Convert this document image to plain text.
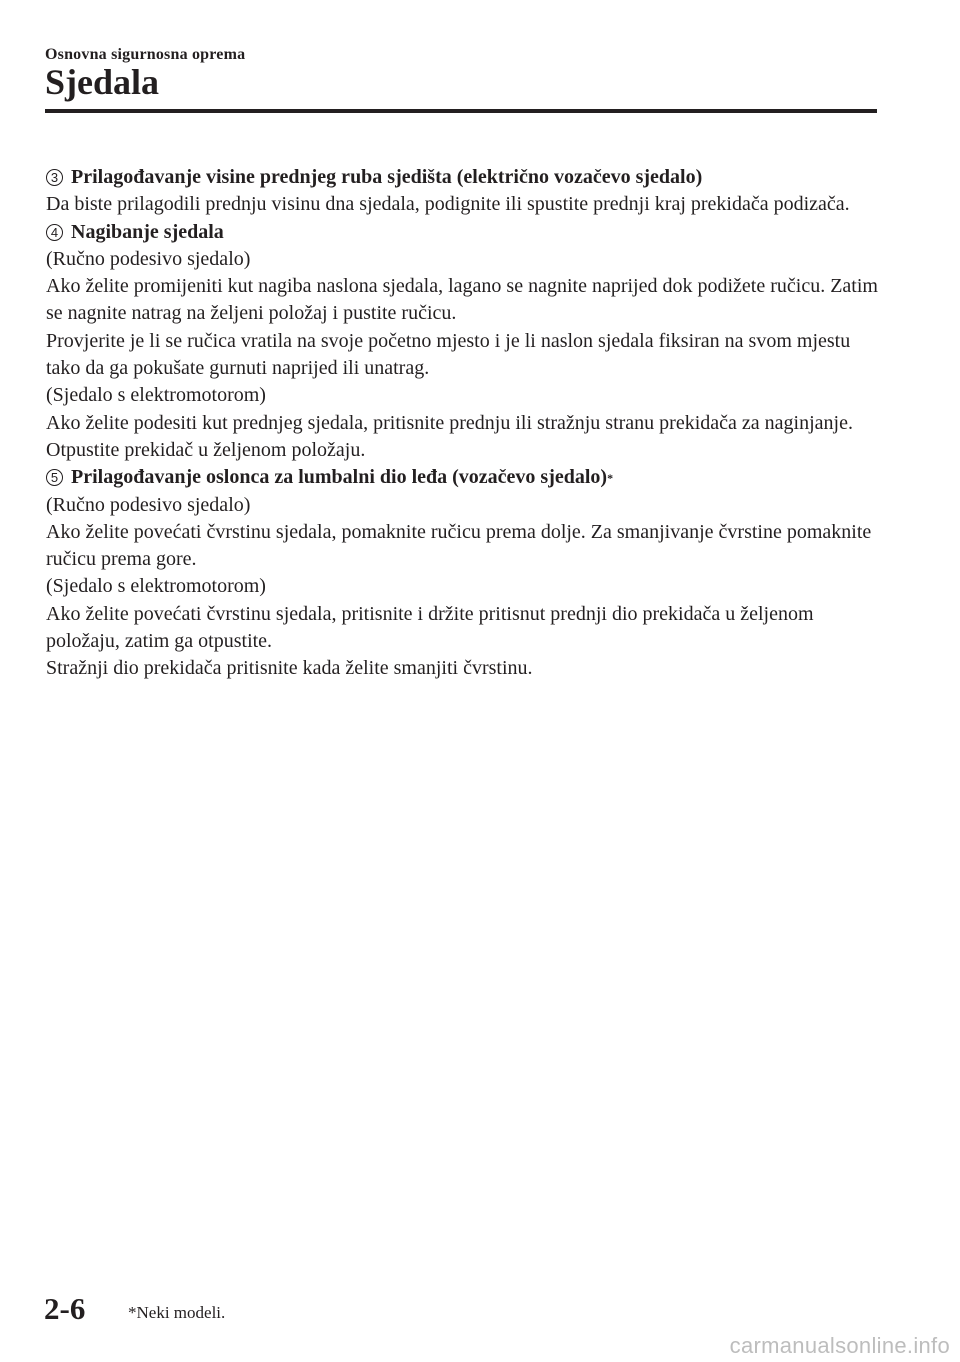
Osnovna sigurnosna oprema
Sjedala
3 Prilagođavanje visine prednjeg ruba sjedišta (električno vozačevo sjedalo)

Da biste prilagodili prednju visinu dna sjedala, podignite ili spustite prednji kraj prekidača podizača.

4 Nagibanje sjedala

(Ručno podesivo sjedalo)

Ako želite promijeniti kut nagiba naslona sjedala, lagano se nagnite naprijed dok podižete ručicu. Zatim se nagnite natrag na željeni položaj i pustite ručicu.

Provjerite je li se ručica vratila na svoje početno mjesto i je li naslon sjedala fiksiran na svom mjestu tako da ga pokušate gurnuti naprijed ili unatrag.

(Sjedalo s elektromotorom)

Ako želite podesiti kut prednjeg sjedala, pritisnite prednju ili stražnju stranu prekidača za naginjanje. Otpustite prekidač u željenom položaju.

5 Prilagođavanje oslonca za lumbalni dio leđa (vozačevo sjedalo) *

(Ručno podesivo sjedalo)

Ako želite povećati čvrstinu sjedala, pomaknite ručicu prema dolje. Za smanjivanje čvrstine pomaknite ručicu prema gore.

(Sjedalo s elektromotorom)

Ako želite povećati čvrstinu sjedala, pritisnite i držite pritisnut prednji dio prekidača u željenom položaju, zatim ga otpustite.

Stražnji dio prekidača pritisnite kada želite smanjiti čvrstinu.

2-6	*Neki modeli.
carmanualsonline.info
